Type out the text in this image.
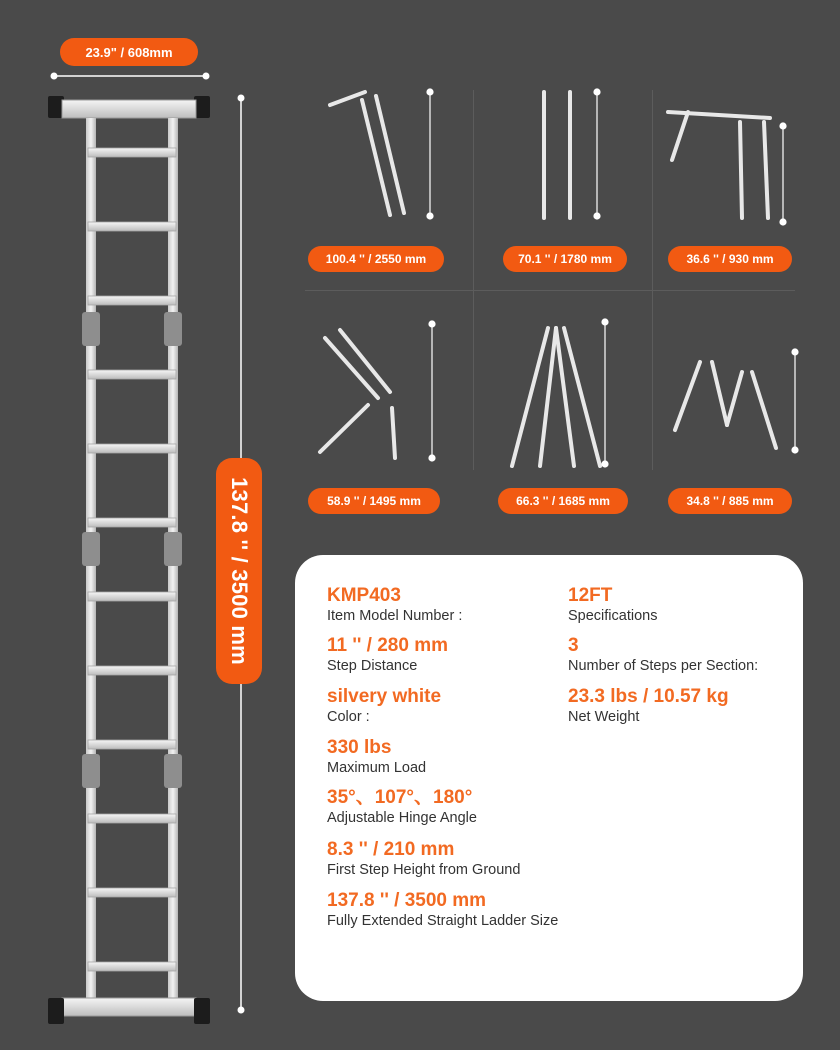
23.9" / 608mm
137.8 '' / 3500 mm
100.4 '' / 2550 mm	70.1 '' / 1780 mm	36.6 '' / 930 mm
58.9 '' / 1495 mm	66.3 '' / 1685 mm	34.8 '' / 885 mm
KMP403
Item Model Number :
11 '' / 280 mm
Step Distance
silvery white
Color :
330 lbs
Maximum Load
35°、107°、180°
Adjustable Hinge Angle
8.3 '' / 210 mm
First Step Height from Ground
137.8 '' / 3500 mm
Fully Extended Straight Ladder Size
12FT
Specifications
3
Number of Steps per Section:
23.3 lbs / 10.57 kg
Net Weight
